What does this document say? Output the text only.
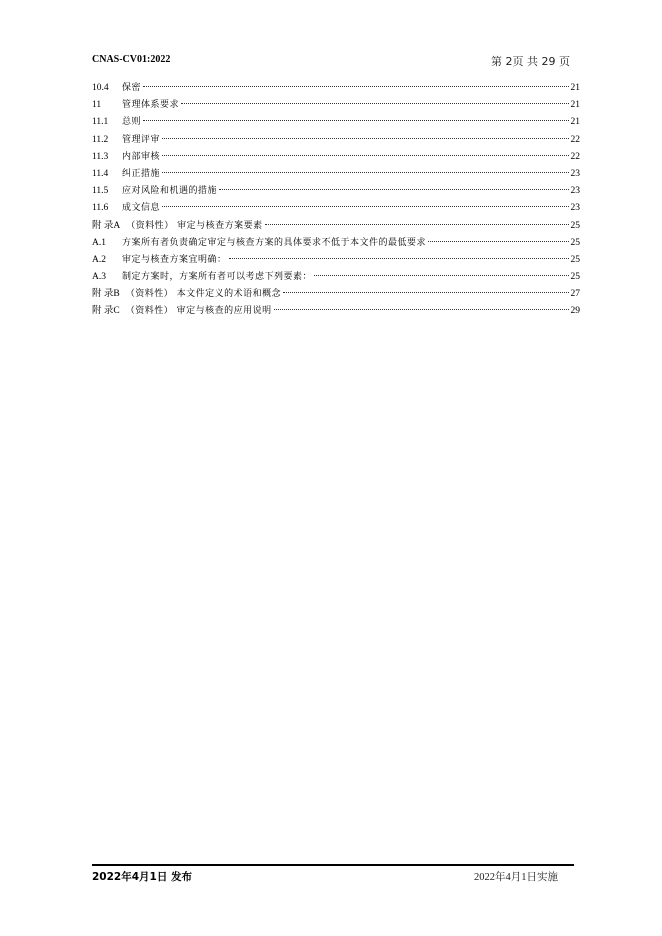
CNAS-CV01:2022	第 2页 共 29 页
10.4	保密	21
11	管理体系要求	21
11.1	总则	21
11.2	管理评审	22
11.3	内部审核	22
11.4	纠正措施	23
11.5	应对风险和机遇的措施	23
11.6	成文信息	23
附 录A （资料性） 审定与核查方案要素	25
A.1	方案所有者负责确定审定与核查方案的具体要求不低于本文件的最低要求	25
A.2	审定与核查方案宜明确：	25
A.3	制定方案时，方案所有者可以考虑下列要素：	25
附 录B （资料性） 本文件定义的术语和概念	27
附 录C （资料性） 审定与核查的应用说明	29
2022年4月1日 发布	2022年4月1日实施
